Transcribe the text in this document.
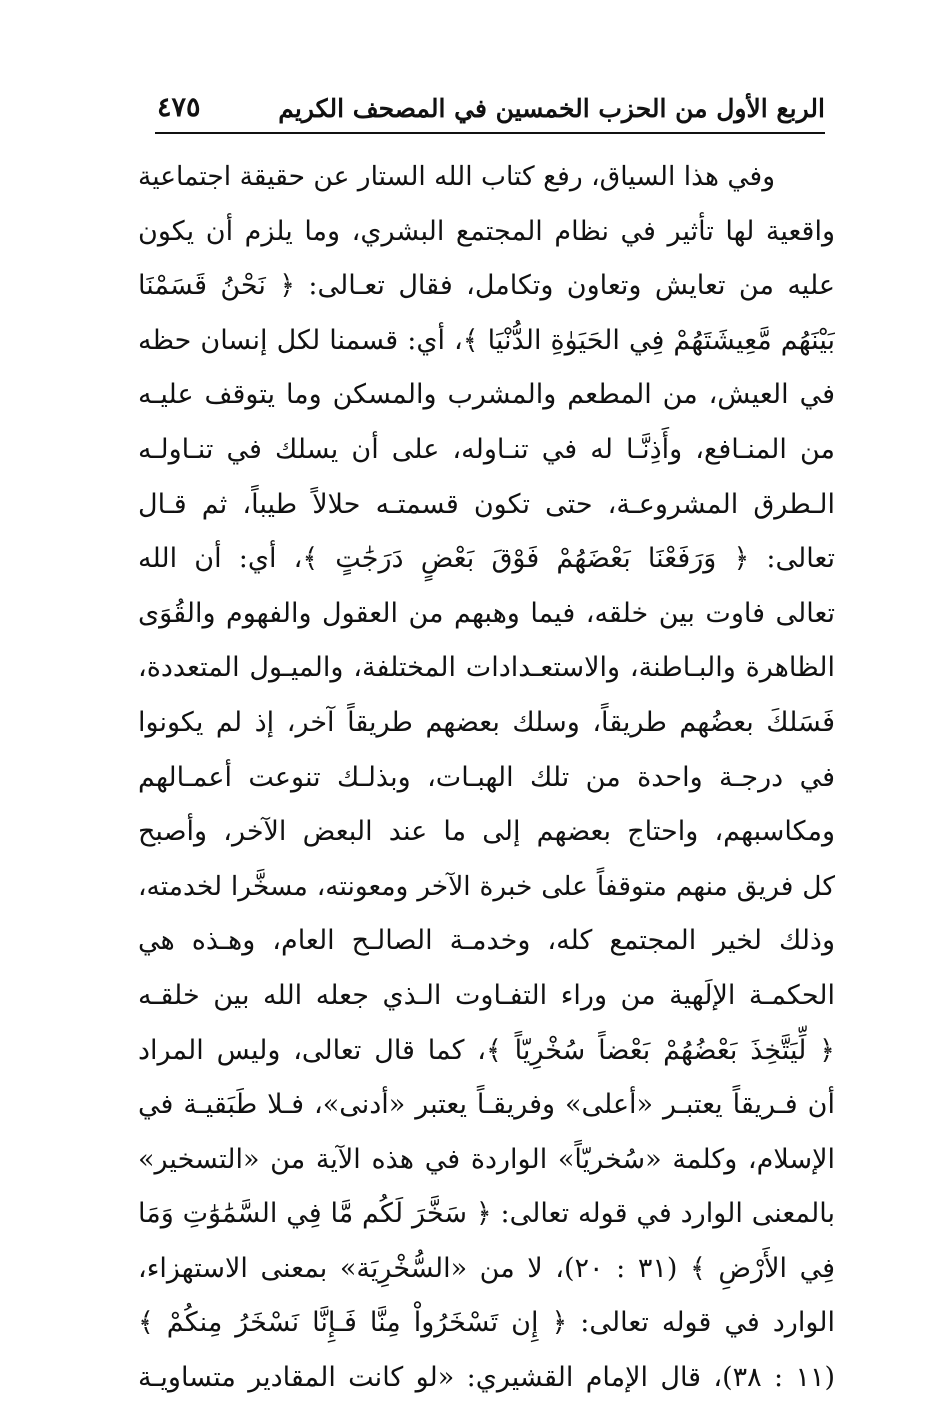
الربع الأول من الحزب الخمسين في المصحف الكريم
٤٧٥
وفي هذا السياق، رفع كتاب الله الستار عن حقيقة اجتماعية
واقعية لها تأثير في نظام المجتمع البشري، وما يلزم أن يكون
عليه من تعايش وتعاون وتكامل، فقال تعـالى: ﴿ نَحْنُ قَسَمْنَا
بَيْنَهُم مَّعِيشَتَهُمْ فِي الحَيَوٰةِ الدُّنْيَا ﴾، أي: قسمنا لكل إنسان حظه
في العيش، من المطعم والمشرب والمسكن وما يتوقف عليـه
من المنـافع، وأَذِنَّـا له في تنـاوله، على أن يسلك في تنـاولـه
الـطرق المشروعـة، حتى تكون قسمتـه حلالاً طيباً، ثم قـال
تعالى: ﴿ وَرَفَعْنَا بَعْضَهُمْ فَوْقَ بَعْضٍ دَرَجَٰتٍ ﴾، أي: أن الله
تعالى فاوت بين خلقه، فيما وهبهم من العقول والفهوم والقُوَى
الظاهرة والبـاطنة، والاستعـدادات المختلفة، والميـول المتعددة،
فَسَلكَ بعضُهم طريقاً، وسلك بعضهم طريقاً آخر، إذ لم يكونوا
في درجـة واحدة من تلك الهبـات، وبذلـك تنوعت أعمـالهم
ومكاسبهم، واحتاج بعضهم إلى ما عند البعض الآخر، وأصبح
كل فريق منهم متوقفاً على خبرة الآخر ومعونته، مسخَّرا لخدمته،
وذلك لخير المجتمع كله، وخدمـة الصالـح العام، وهـذه هي
الحكمـة الإلَهية من وراء التفـاوت الـذي جعله الله بين خلقـه
﴿ لِّيَتَّخِذَ بَعْضُهُمْ بَعْضاً سُخْرِيّاً ﴾، كما قال تعالى، وليس المراد
أن فـريقاً يعتبـر «أعلى» وفريقـاً يعتبر «أدنى»، فـلا طَبَقيـة في
الإسلام، وكلمة «سُخريّاً» الواردة في هذه الآية من «التسخير»
بالمعنى الوارد في قوله تعالى: ﴿ سَخَّرَ لَكُم مَّا فِي السَّمَٰوَٰتِ وَمَا
فِي الأَرْضِ ﴾ (٣١ : ٢٠)، لا من «السُّخْرِيَة» بمعنى الاستهزاء،
الوارد في قوله تعالى: ﴿ إِن تَسْخَرُواْ مِنَّا فَـإِنَّا نَسْخَرُ مِنكُمْ ﴾
(١١ : ٣٨)، قال الإمام القشيري: «لو كانت المقادير متساويـة
